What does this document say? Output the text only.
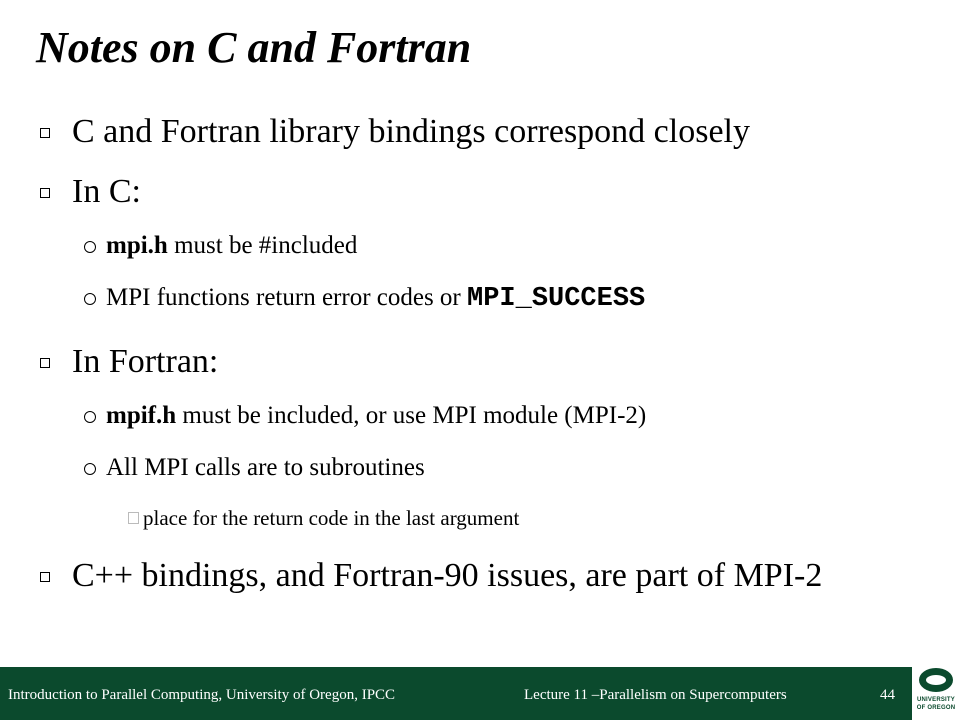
Notes on C and Fortran
C and Fortran library bindings correspond closely
In C:
mpi.h must be #included
MPI functions return error codes or MPI_SUCCESS
In Fortran:
mpif.h must be included, or use MPI module (MPI-2)
All MPI calls are to subroutines
place for the return code in the last argument
C++ bindings, and Fortran-90 issues, are part of MPI-2
Introduction to Parallel Computing, University of Oregon, IPCC	Lecture 11 –Parallelism on Supercomputers	44	UNIVERSITY
OF OREGON
